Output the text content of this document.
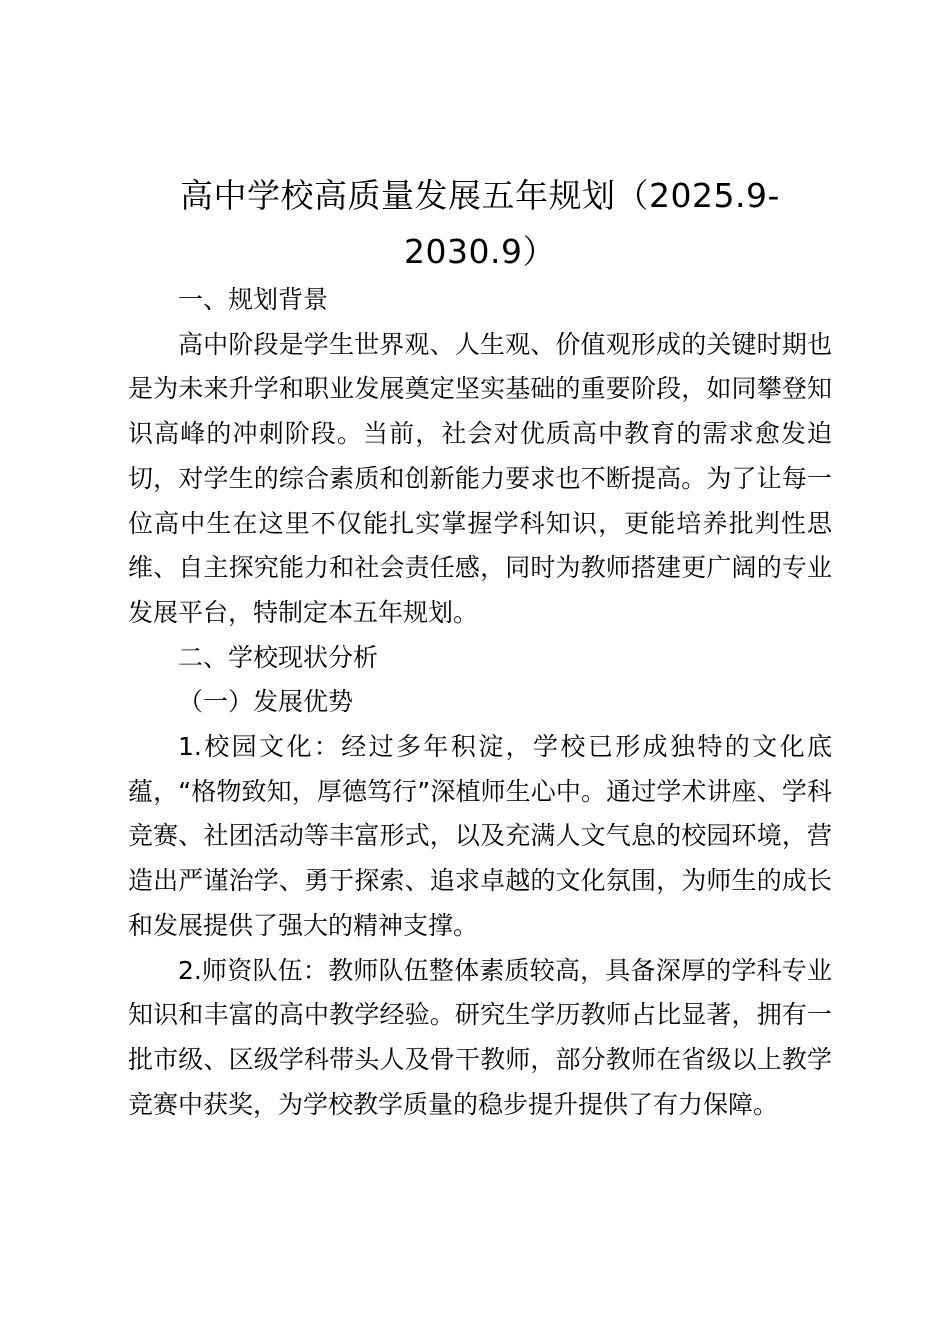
高中学校高质量发展五年规划（2025.9-2030.9）

一、规划背景

高中阶段是学生世界观、人生观、价值观形成的关键时期也是为未来升学和职业发展奠定坚实基础的重要阶段，如同攀登知识高峰的冲刺阶段。当前，社会对优质高中教育的需求愈发迫切，对学生的综合素质和创新能力要求也不断提高。为了让每一位高中生在这里不仅能扎实掌握学科知识，更能培养批判性思维、自主探究能力和社会责任感，同时为教师搭建更广阔的专业发展平台，特制定本五年规划。

二、学校现状分析

（一）发展优势

1.校园文化：经过多年积淀，学校已形成独特的文化底蕴，“格物致知，厚德笃行”深植师生心中。通过学术讲座、学科竞赛、社团活动等丰富形式，以及充满人文气息的校园环境，营造出严谨治学、勇于探索、追求卓越的文化氛围，为师生的成长和发展提供了强大的精神支撑。

2.师资队伍：教师队伍整体素质较高，具备深厚的学科专业知识和丰富的高中教学经验。研究生学历教师占比显著，拥有一批市级、区级学科带头人及骨干教师，部分教师在省级以上教学竞赛中获奖，为学校教学质量的稳步提升提供了有力保障。
